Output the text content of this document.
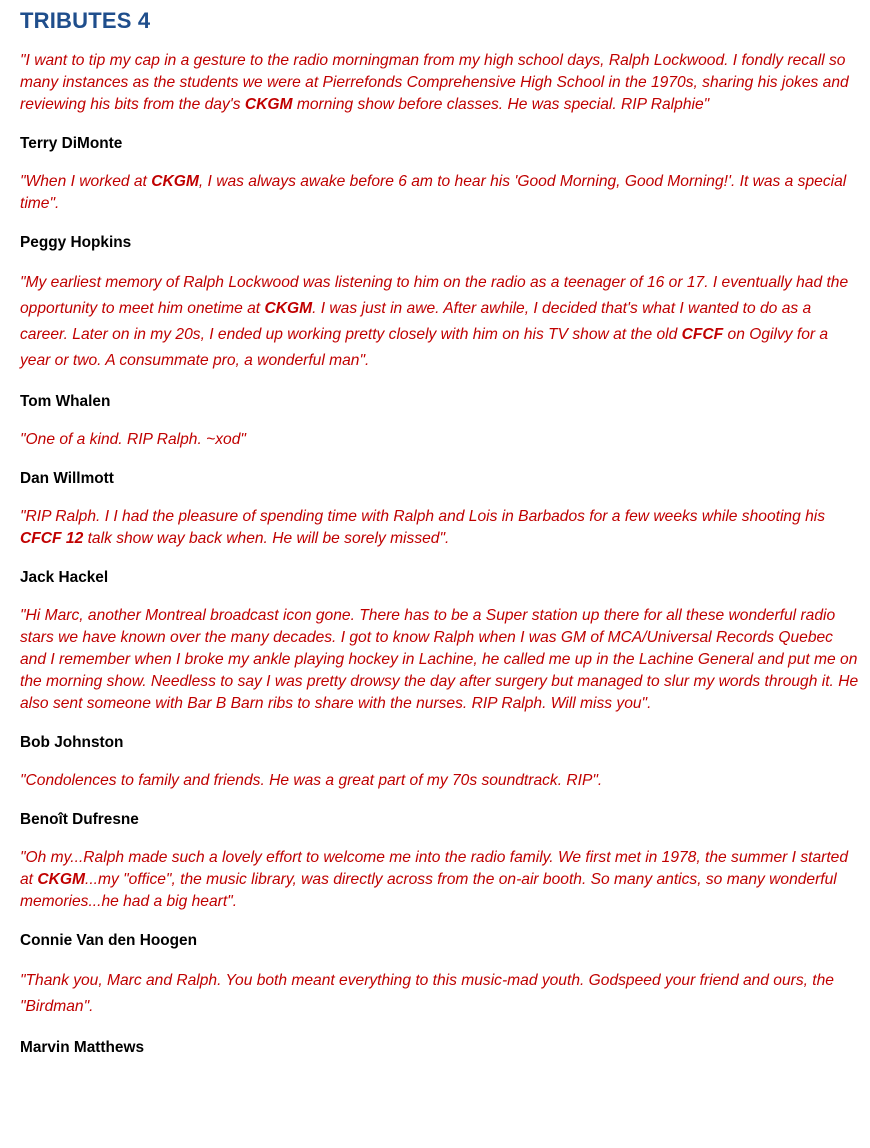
TRIBUTES 4

"I want to tip my cap in a gesture to the radio morningman from my high school days, Ralph Lockwood. I fondly recall so many instances as the students we were at Pierrefonds Comprehensive High School in the 1970s, sharing his jokes and reviewing his bits from the day's CKGM morning show before classes. He was special. RIP Ralphie"

Terry DiMonte

"When I worked at CKGM, I was always awake before 6 am to hear his 'Good Morning, Good Morning!'. It was a special time".

Peggy Hopkins

"My earliest memory of Ralph Lockwood was listening to him on the radio as a teenager of 16 or 17. I eventually had the opportunity to meet him onetime at CKGM. I was just in awe. After awhile, I decided that's what I wanted to do as a career. Later on in my 20s, I ended up working pretty closely with him on his TV show at the old CFCF on Ogilvy for a year or two. A consummate pro, a wonderful man".

Tom Whalen

"One of a kind. RIP Ralph. ~xod"

Dan Willmott

"RIP Ralph. I I had the pleasure of spending time with Ralph and Lois in Barbados for a few weeks while shooting his CFCF 12 talk show way back when. He will be sorely missed".

Jack Hackel

"Hi Marc, another Montreal broadcast icon gone. There has to be a Super station up there for all these wonderful radio stars we have known over the many decades. I got to know Ralph when I was GM of MCA/Universal Records Quebec and I remember when I broke my ankle playing hockey in Lachine, he called me up in the Lachine General and put me on the morning show. Needless to say I was pretty drowsy the day after surgery but managed to slur my words through it. He also sent someone with Bar B Barn ribs to share with the nurses. RIP Ralph. Will miss you".

Bob Johnston

"Condolences to family and friends. He was a great part of my 70s soundtrack. RIP".

Benoît Dufresne

"Oh my...Ralph made such a lovely effort to welcome me into the radio family. We first met in 1978, the summer I started at CKGM...my "office", the music library, was directly across from the on-air booth. So many antics, so many wonderful memories...he had a big heart".

Connie Van den Hoogen

"Thank you, Marc and Ralph. You both meant everything to this music-mad youth. Godspeed your friend and ours, the "Birdman".

Marvin Matthews
